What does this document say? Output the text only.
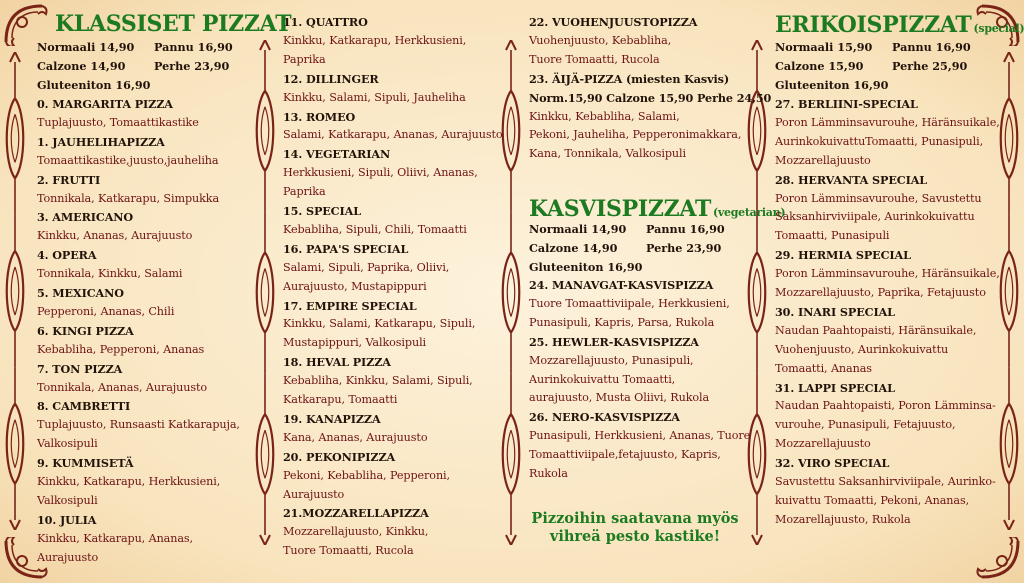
KLASSISET PIZZAT
Normaali 14,90 Pannu 16,90
Calzone 14,90	Perhe 23,90
Gluteeniton 16,90
0. MARGARITA PIZZA
Tuplajuusto, Tomaattikastike
1. JAUHELIHAPIZZA
Tomaattikastike,juusto,jauheliha
2. FRUTTI
Tonnikala, Katkarapu, Simpukka
3. AMERICANO
Kinkku, Ananas, Aurajuusto
4. OPERA
Tonnikala, Kinkku, Salami
5. MEXICANO
Pepperoni, Ananas, Chili
6. KINGI PIZZA
Kebabliha, Pepperoni, Ananas
7. TON PIZZA
Tonnikala, Ananas, Aurajuusto
8. CAMBRETTI
Tuplajuusto, Runsaasti Katkarapuja,
Valkosipuli
9. KUMMISETÄ
Kinkku, Katkarapu, Herkkusieni,
Valkosipuli
10. JULIA
Kinkku, Katkarapu, Ananas,
Aurajuusto
11. QUATTRO
Kinkku, Katkarapu, Herkkusieni,
Paprika
12. DILLINGER
Kinkku, Salami, Sipuli, Jauheliha
13. ROMEO
Salami, Katkarapu, Ananas, Aurajuusto
14. VEGETARIAN
Herkkusieni, Sipuli, Oliivi, Ananas,
Paprika
15. SPECIAL
Kebabliha, Sipuli, Chili, Tomaatti
16. PAPA'S SPECIAL
Salami, Sipuli, Paprika, Oliivi,
Aurajuusto, Mustapippuri
17. EMPIRE SPECIAL
Kinkku, Salami, Katkarapu, Sipuli,
Mustapippuri, Valkosipuli
18. HEVAL PIZZA
Kebabliha, Kinkku, Salami, Sipuli,
Katkarapu, Tomaatti
19. KANAPIZZA
Kana, Ananas, Aurajuusto
20. PEKONIPIZZA
Pekoni, Kebabliha, Pepperoni,
Aurajuusto
21.MOZZARELLAPIZZA
Mozzarellajuusto, Kinkku,
Tuore Tomaatti, Rucola
22. VUOHENJUUSTOPIZZA
Vuohenjuusto, Kebabliha,
Tuore Tomaatti, Rucola
23. ÄIJÄ-PIZZA (miesten Kasvis)
Norm.15,90 Calzone 15,90 Perhe 24,50
Kinkku, Kebabliha, Salami,
Pekoni, Jauheliha, Pepperonimakkara,
Kana, Tonnikala, Valkosipuli
KASVISPIZZAT (vegetarian)
Normaali 14,90 Pannu 16,90
Calzone 14,90	Perhe 23,90
Gluteeniton 16,90
24. MANAVGAT-KASVISPIZZA
Tuore Tomaattiviipale, Herkkusieni,
Punasipuli, Kapris, Parsa, Rukola
25. HEWLER-KASVISPIZZA
Mozzarellajuusto, Punasipuli,
Aurinkokuivattu Tomaatti,
aurajuusto, Musta Oliivi, Rukola
26. NERO-KASVISPIZZA
Punasipuli, Herkkusieni, Ananas, Tuore
Tomaattiviipale,fetajuusto, Kapris,
Rukola
Pizzoihin saatavana myös
vihreä pesto kastike!
ERIKOISPIZZAT (special)
Normaali 15,90 Pannu 16,90
Calzone 15,90	Perhe 25,90
Gluteeniton 16,90
27. BERLIINI-SPECIAL
Poron Lämminsavurouhe, Häränsuikale,
AurinkokuivattuTomaatti, Punasipuli,
Mozzarellajuusto
28. HERVANTA SPECIAL
Poron Lämminsavurouhe, Savustettu
Saksanhirviviipale, Aurinkokuivattu
Tomaatti, Punasipuli
29. HERMIA SPECIAL
Poron Lämminsavurouhe, Häränsuikale,
Mozzarellajuusto, Paprika, Fetajuusto
30. INARI SPECIAL
Naudan Paahtopaisti, Häränsuikale,
Vuohenjuusto, Aurinkokuivattu
Tomaatti, Ananas
31. LAPPI SPECIAL
Naudan Paahtopaisti, Poron Lämminsa-
vurouhe, Punasipuli, Fetajuusto,
Mozzarellajuusto
32. VIRO SPECIAL
Savustettu Saksanhirviviipale, Aurinko-
kuivattu Tomaatti, Pekoni, Ananas,
Mozarellajuusto, Rukola
